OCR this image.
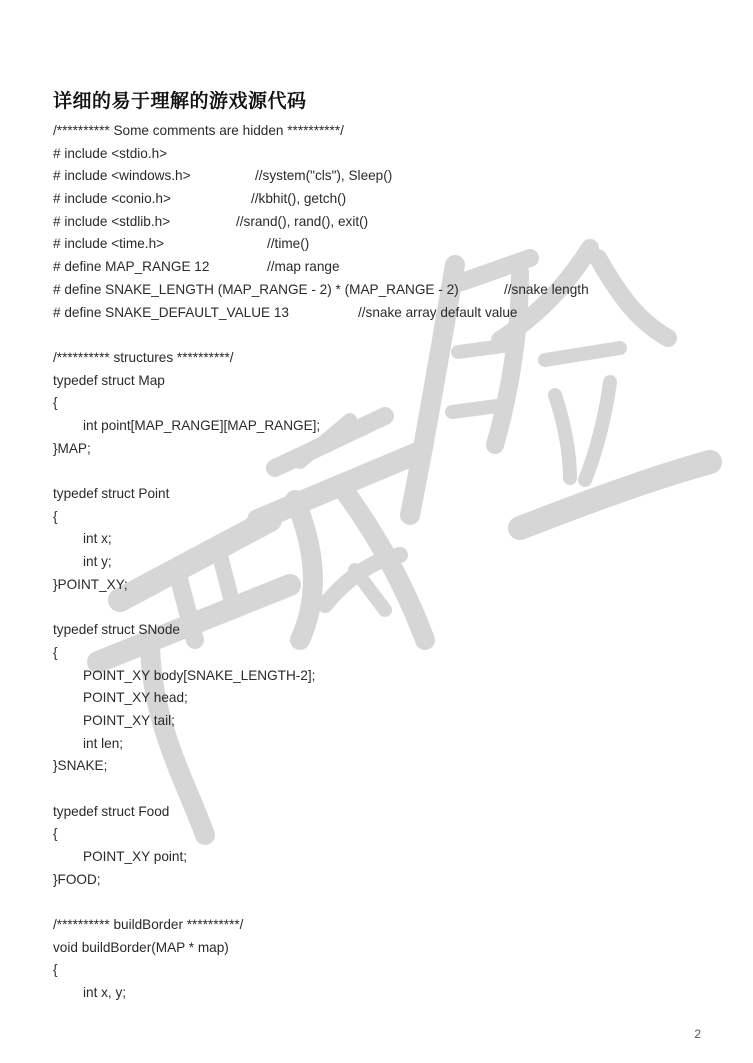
详细的易于理解的游戏源代码
/********** Some comments are hidden **********/
# include <stdio.h>
# include <windows.h>	//system("cls"), Sleep()
# include <conio.h>	//kbhit(), getch()
# include <stdlib.h>	//srand(), rand(), exit()
# include <time.h>	//time()
# define MAP_RANGE 12	//map range
# define SNAKE_LENGTH (MAP_RANGE - 2) * (MAP_RANGE - 2)	//snake length
# define SNAKE_DEFAULT_VALUE 13	//snake array default value
/********** structures **********/
typedef struct Map
{
int point[MAP_RANGE][MAP_RANGE];
}MAP;
typedef struct Point
{
int x;
int y;
}POINT_XY;
typedef struct SNode
{
POINT_XY body[SNAKE_LENGTH-2];
POINT_XY head;
POINT_XY tail;
int len;
}SNAKE;
typedef struct Food
{
POINT_XY point;
}FOOD;
/********** buildBorder **********/
void buildBorder(MAP * map)
{
int x, y;
2
